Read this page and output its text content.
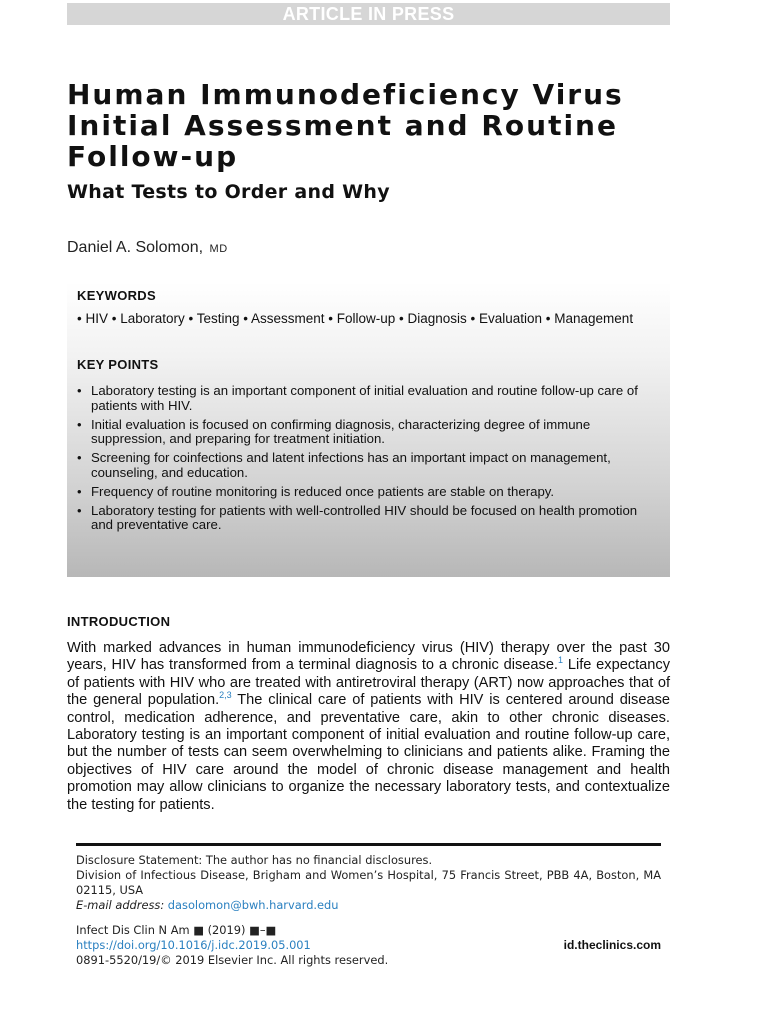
ARTICLE IN PRESS
Human Immunodeficiency Virus Initial Assessment and Routine Follow-up
What Tests to Order and Why
Daniel A. Solomon, MD

KEYWORDS

• HIV • Laboratory • Testing • Assessment • Follow-up • Diagnosis • Evaluation • Management

KEY POINTS

• Laboratory testing is an important component of initial evaluation and routine follow-up care of patients with HIV.
• Initial evaluation is focused on confirming diagnosis, characterizing degree of immune suppression, and preparing for treatment initiation.
• Screening for coinfections and latent infections has an important impact on management, counseling, and education.
• Frequency of routine monitoring is reduced once patients are stable on therapy.
• Laboratory testing for patients with well-controlled HIV should be focused on health promotion and preventative care.

INTRODUCTION

With marked advances in human immunodeficiency virus (HIV) therapy over the past 30 years, HIV has transformed from a terminal diagnosis to a chronic disease.$^1$ Life expectancy of patients with HIV who are treated with antiretroviral therapy (ART) now approaches that of the general population.$^{2,3}$ The clinical care of patients with HIV is centered around disease control, medication adherence, and preventative care, akin to other chronic diseases. Laboratory testing is an important component of initial evaluation and routine follow-up care, but the number of tests can seem overwhelming to clinicians and patients alike. Framing the objectives of HIV care around the model of chronic disease management and health promotion may allow clinicians to organize the necessary laboratory tests, and contextualize the testing for patients.

Disclosure Statement: The author has no financial disclosures.

Division of Infectious Disease, Brigham and Women’s Hospital, 75 Francis Street, PBB 4A, Boston, MA 02115, USA

E-mail address: dasolomon@bwh.harvard.edu

Infect Dis Clin N Am ■ (2019) ■–■

https://doi.org/10.1016/j.idc.2019.05.001	id.theclinics.com

0891-5520/19/© 2019 Elsevier Inc. All rights reserved.
